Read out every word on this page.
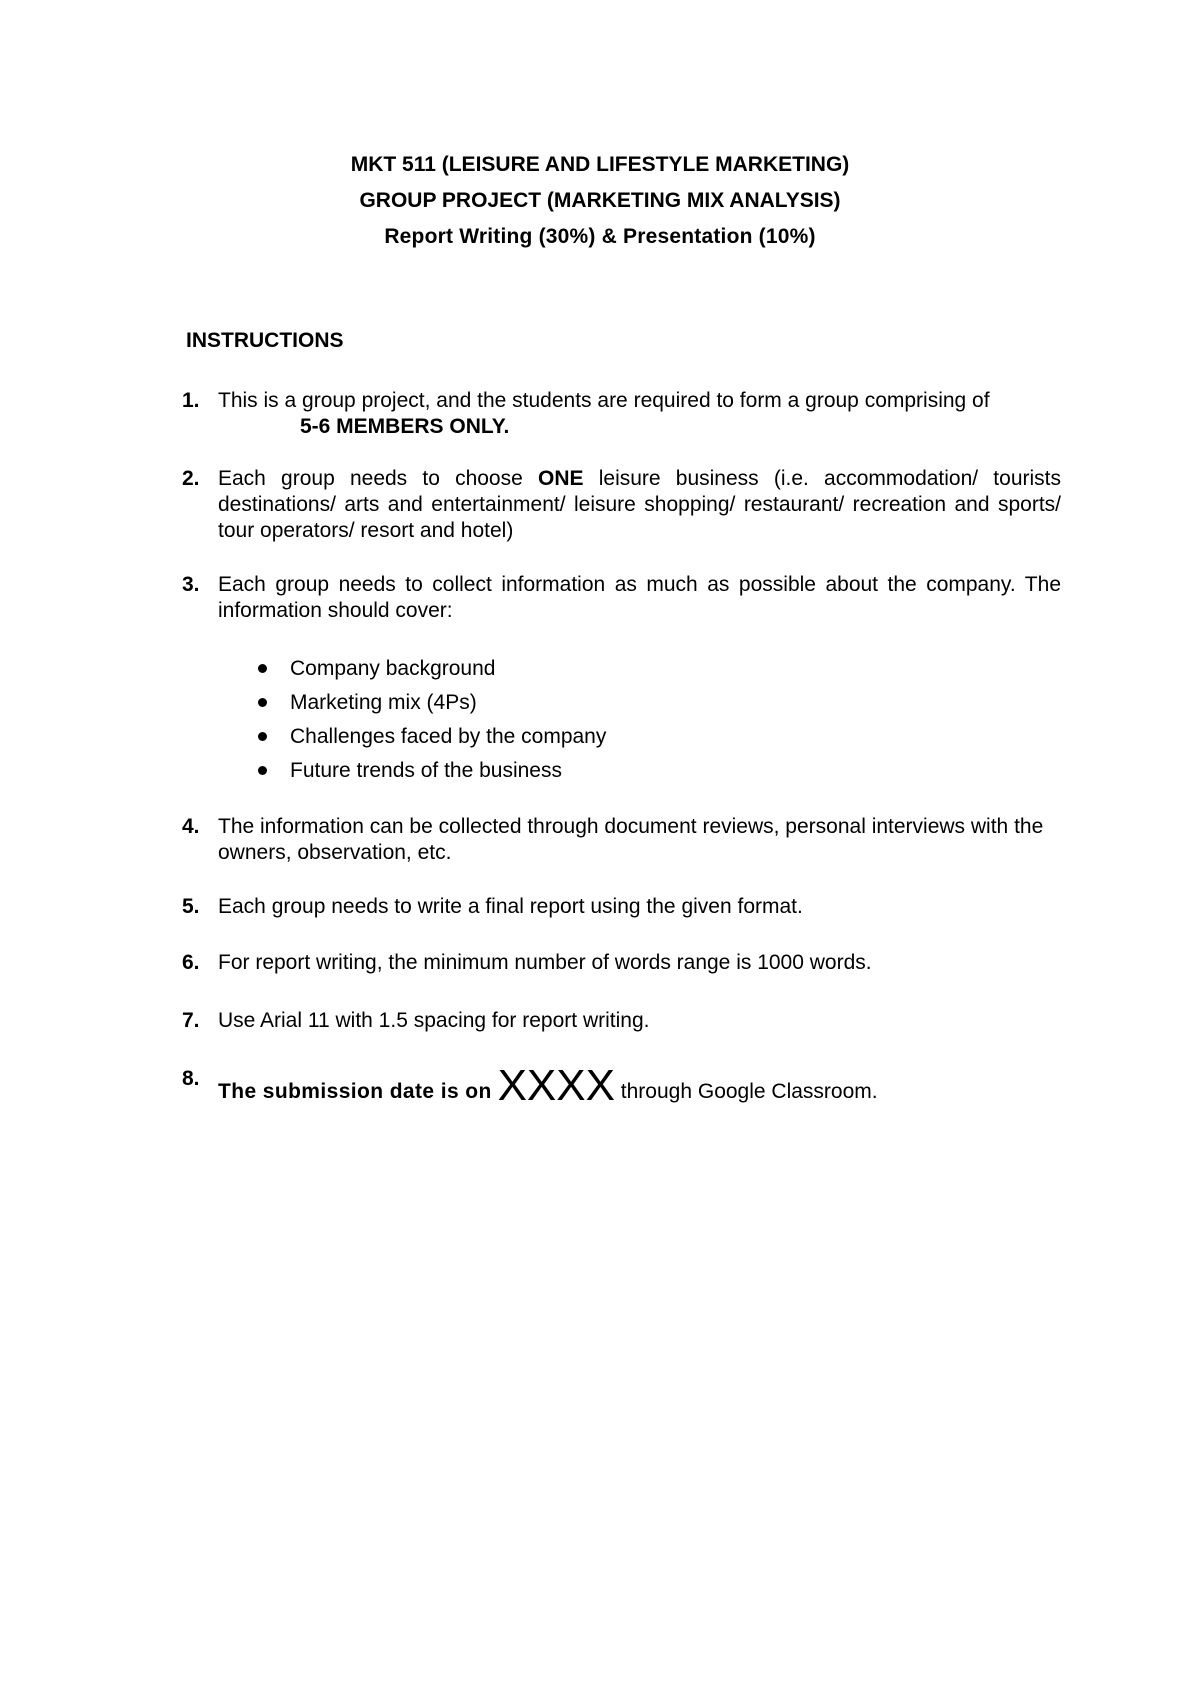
MKT 511 (LEISURE AND LIFESTYLE MARKETING)
GROUP PROJECT (MARKETING MIX ANALYSIS)
Report Writing (30%) & Presentation (10%)
INSTRUCTIONS
1. This is a group project, and the students are required to form a group comprising of

5-6 MEMBERS ONLY.

2. Each group needs to choose ONE leisure business (i.e. accommodation/ tourists destinations/ arts and entertainment/ leisure shopping/ restaurant/ recreation and sports/ tour operators/ resort and hotel)

3. Each group needs to collect information as much as possible about the company. The information should cover:

Company background
Marketing mix (4Ps)
Challenges faced by the company
Future trends of the business
4. The information can be collected through document reviews, personal interviews with the owners, observation, etc.

5. Each group needs to write a final report using the given format.

6. For report writing, the minimum number of words range is 1000 words.

7. Use Arial 11 with 1.5 spacing for report writing.

8.

The submission date is on XXXX through Google Classroom.
